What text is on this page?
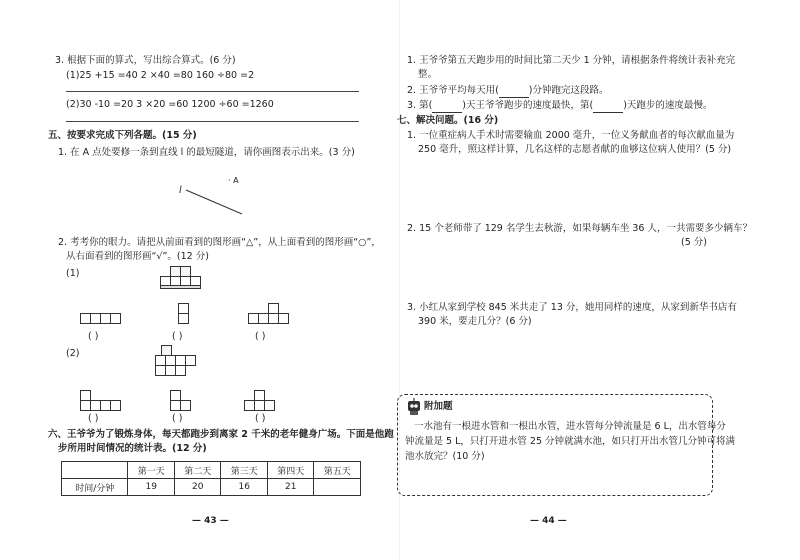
3. 根据下面的算式，写出综合算式。(6 分)
(1)25 +15 =40 2 ×40 =80 160 ÷80 =2
(2)30 -10 =20 3 ×20 =60 1200 ÷60 =1260
五、按要求完成下列各题。(15 分)
1. 在 A 点处要修一条到直线 l 的最短隧道，请你画图表示出来。(3 分)
· A
l
2. 考考你的眼力。请把从前面看到的图形画“△”，从上面看到的图形画“○”，
从右面看到的图形画“√”。(12 分)
(1)
( )	( )	( )
(2)
( )	( )	( )
六、王爷爷为了锻炼身体，每天都跑步到离家 2 千米的老年健身广场。下面是他跑
步所用时间情况的统计表。(12 分)
	第一天	第二天	第三天	第四天	第五天
时间/分钟	19	20	16	21	
— 43 —
1. 王爷爷第五天跑步用的时间比第二天少 1 分钟，请根据条件将统计表补充完
整。
2. 王爷爷平均每天用(	)分钟跑完这段路。
3. 第(	)天王爷爷跑步的速度最快，第(	)天跑步的速度最慢。
七、解决问题。(16 分)
1. 一位重症病人手术时需要输血 2000 毫升，一位义务献血者的每次献血量为
250 毫升，照这样计算，几名这样的志愿者献的血够这位病人使用？(5 分)
2. 15 个老师带了 129 名学生去秋游，如果每辆车坐 36 人，一共需要多少辆车？
(5 分)
3. 小红从家到学校 845 米共走了 13 分，她用同样的速度，从家到新华书店有
390 米，要走几分？(6 分)
附加题
一水池有一根进水管和一根出水管，进水管每分钟流量是 6 L，出水管每分
钟流量是 5 L，只打开进水管 25 分钟就满水池，如只打开出水管几分钟可将满
池水放完？(10 分)
— 44 —
